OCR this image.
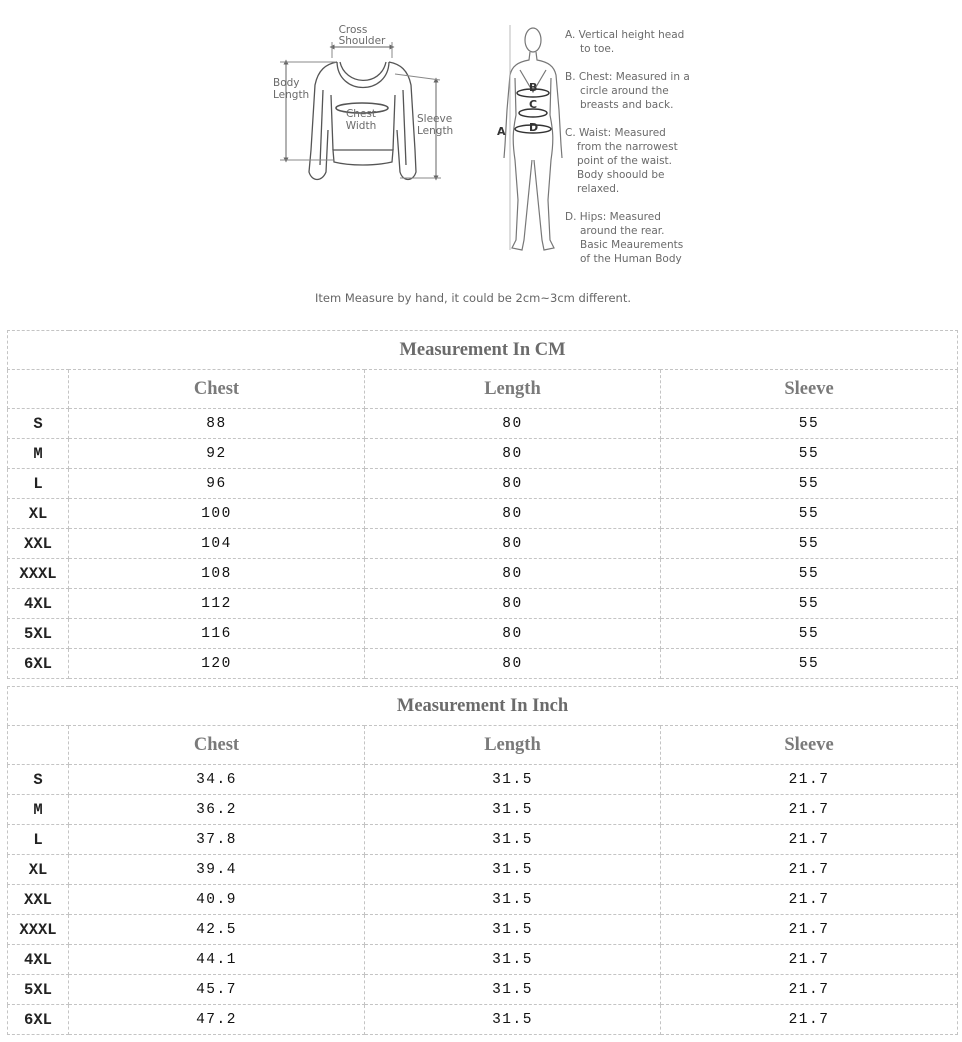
Cross
Shoulder
Body
Length
Chest
Width
Sleeve
Length	A
B
C
D
A. Vertical height head
to toe.
B. Chest: Measured in a
circle around the
breasts and back.
C. Waist: Measured
from the narrowest
point of the waist.
Body shoould be
relaxed.
D. Hips: Measured
around the rear.
Basic Meaurements
of the Human Body
Item Measure by hand, it could be 2cm~3cm different.
Measurement In CM			
	Chest	Length	Sleeve
S	88	80	55
M	92	80	55
L	96	80	55
XL	100	80	55
XXL	104	80	55
XXXL	108	80	55
4XL	112	80	55
5XL	116	80	55
6XL	120	80	55
Measurement In Inch			
	Chest	Length	Sleeve
S	34.6	31.5	21.7
M	36.2	31.5	21.7
L	37.8	31.5	21.7
XL	39.4	31.5	21.7
XXL	40.9	31.5	21.7
XXXL	42.5	31.5	21.7
4XL	44.1	31.5	21.7
5XL	45.7	31.5	21.7
6XL	47.2	31.5	21.7
